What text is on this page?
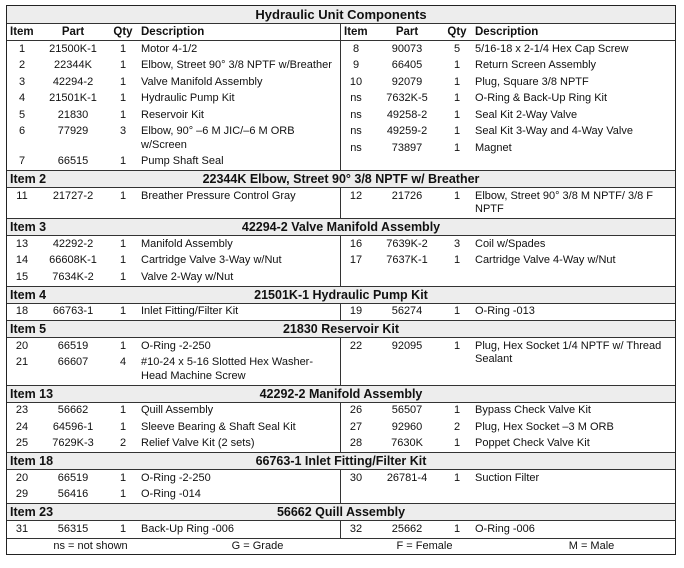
Hydraulic Unit Components
Item	Part	Qty Description	Item	Part	Qty Description
1	21500K-1	1	Motor 4-1/2
2	22344K	1	Elbow, Street 90° 3/8 NPTF w/Breather
3	42294-2	1	Valve Manifold Assembly
4	21501K-1	1	Hydraulic Pump Kit
5	21830	1	Reservoir Kit
6	77929	3	Elbow, 90° –6 M JIC/–6 M ORB w/Screen
7	66515	1	Pump Shaft Seal
8	90073	5	5/16-18 x 2-1/4 Hex Cap Screw
9	66405	1	Return Screen Assembly
10	92079	1	Plug, Square 3/8 NPTF
ns	7632K-5	1	O-Ring & Back-Up Ring Kit
ns	49258-2	1	Seal Kit 2-Way Valve
ns	49259-2	1	Seal Kit 3-Way and 4-Way Valve
ns	73897	1	Magnet
Item 2	22344K Elbow, Street 90° 3/8 NPTF w/ Breather
11	21727-2	1	Breather Pressure Control Gray	12	21726	1	Elbow, Street 90° 3/8 M NPTF/ 3/8 F NPTF
Item 3	42294-2 Valve Manifold Assembly
13	42292-2	1	Manifold Assembly
14	66608K-1	1	Cartridge Valve 3-Way w/Nut
15	7634K-2	1	Valve 2-Way w/Nut
16	7639K-2	3	Coil w/Spades
17	7637K-1	1	Cartridge Valve 4-Way w/Nut
Item 4	21501K-1 Hydraulic Pump Kit
18	66763-1	1	Inlet Fitting/Filter Kit	19	56274	1	O-Ring -013
Item 5	21830 Reservoir Kit
20	66519	1	O-Ring -2-250
21	66607	4	#10-24 x 5-16 Slotted Hex Washer-Head Machine Screw
22	92095	1	Plug, Hex Socket 1/4 NPTF w/ Thread Sealant
Item 13	42292-2 Manifold Assembly
23	56662	1	Quill Assembly
24	64596-1	1	Sleeve Bearing & Shaft Seal Kit
25	7629K-3	2	Relief Valve Kit (2 sets)
26	56507	1	Bypass Check Valve Kit
27	92960	2	Plug, Hex Socket –3 M ORB
28	7630K	1	Poppet Check Valve Kit
Item 18	66763-1 Inlet Fitting/Filter Kit
20	66519	1	O-Ring -2-250
29	56416	1	O-Ring -014
30	26781-4	1	Suction Filter
Item 23	56662 Quill Assembly
31	56315	1	Back-Up Ring -006	32	25662	1	O-Ring -006
ns = not shown	G = Grade	F = Female	M = Male
